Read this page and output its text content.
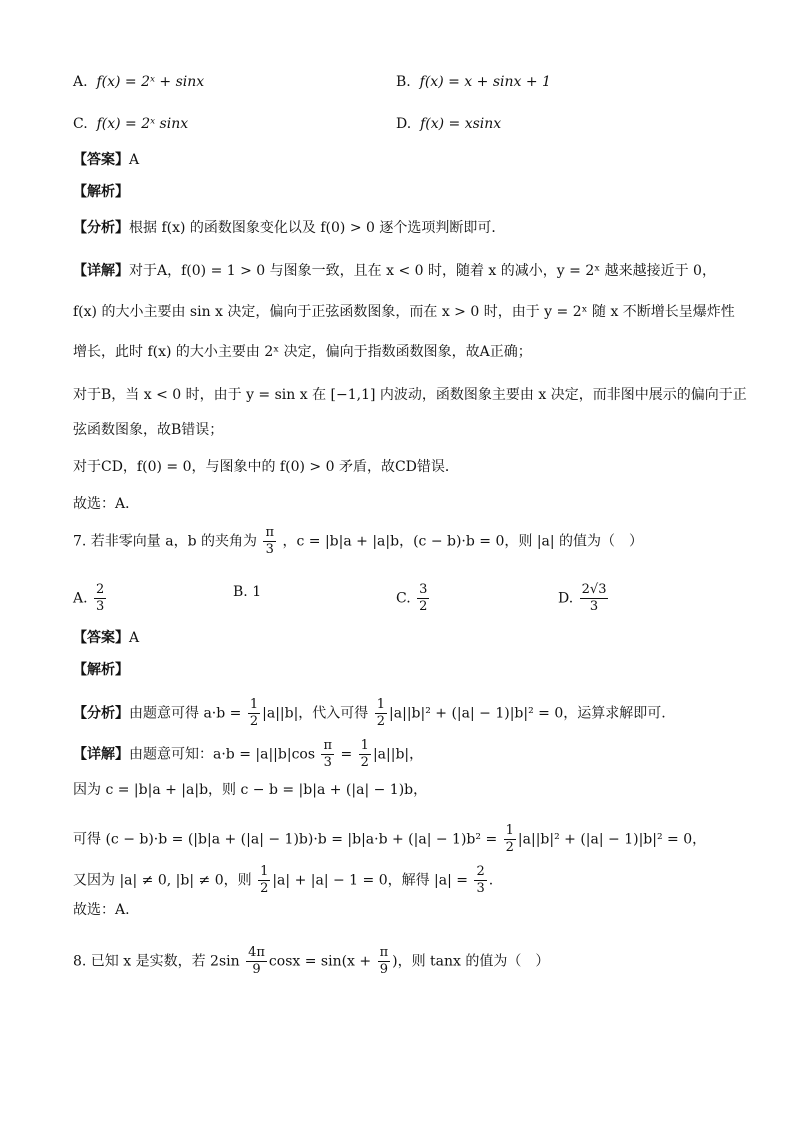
A. f(x) = 2ˣ + sinx	B. f(x) = x + sinx + 1
C. f(x) = 2ˣ sinx	D. f(x) = xsinx
【答案】A
【解析】
【分析】根据 f(x) 的函数图象变化以及 f(0) > 0 逐个选项判断即可．
【详解】对于A，f(0) = 1 > 0 与图象一致，且在 x < 0 时，随着 x 的减小，y = 2ˣ 越来越接近于 0，
f(x) 的大小主要由 sin x 决定，偏向于正弦函数图象，而在 x > 0 时，由于 y = 2ˣ 随 x 不断增长呈爆炸性
增长，此时 f(x) 的大小主要由 2ˣ 决定，偏向于指数函数图象，故A正确；
对于B，当 x < 0 时，由于 y = sin x 在 [−1,1] 内波动，函数图象主要由 x 决定，而非图中展示的偏向于正
弦函数图象，故B错误；
对于CD，f(0) = 0，与图象中的 f(0) > 0 矛盾，故CD错误．
故选：A．
7. 若非零向量 a，b 的夹角为 $\frac{\pi}{3}$ ，c = |b|a + |a|b，(c − b)·b = 0，则 |a| 的值为（　）
A. $\frac{2}{3}$	B. 1	C. $\frac{3}{2}$	D. $\frac{2√3}{3}$
【答案】A
【解析】
【分析】由题意可得 $a\cdot b = \frac{1}{2} |a||b|$，代入可得 $\frac{1}{2} |a||b|^2 + (|a| - 1)|b|^2 = 0$，运算求解即可.
【详解】由题意可知：$a\cdot b = |a||b|\cos \frac{\pi}{3} = \frac{1}{2} |a||b|$，
因为 c = |b|a + |a|b，则 c − b = |b|a + (|a| − 1)b，
可得 $(c - b)\cdot b = (|b|a + (|a| - 1)b)\cdot b = |b|a\cdot b + (|a| - 1)b^2 = \frac{1}{2} |a||b|^2 + (|a| - 1)|b|^2 = 0$，
又因为 |a| ≠ 0, |b| ≠ 0，则 $\frac{1}{2} |a| + |a| - 1 = 0$，解得 $|a| = \frac{2}{3}$ .
故选：A.
8. 已知 x 是实数，若 $2\sin \frac{4\pi}{9}$ $\cos x = \sin(x + \frac{\pi}{9}$ )，则 tanx 的值为（　）
